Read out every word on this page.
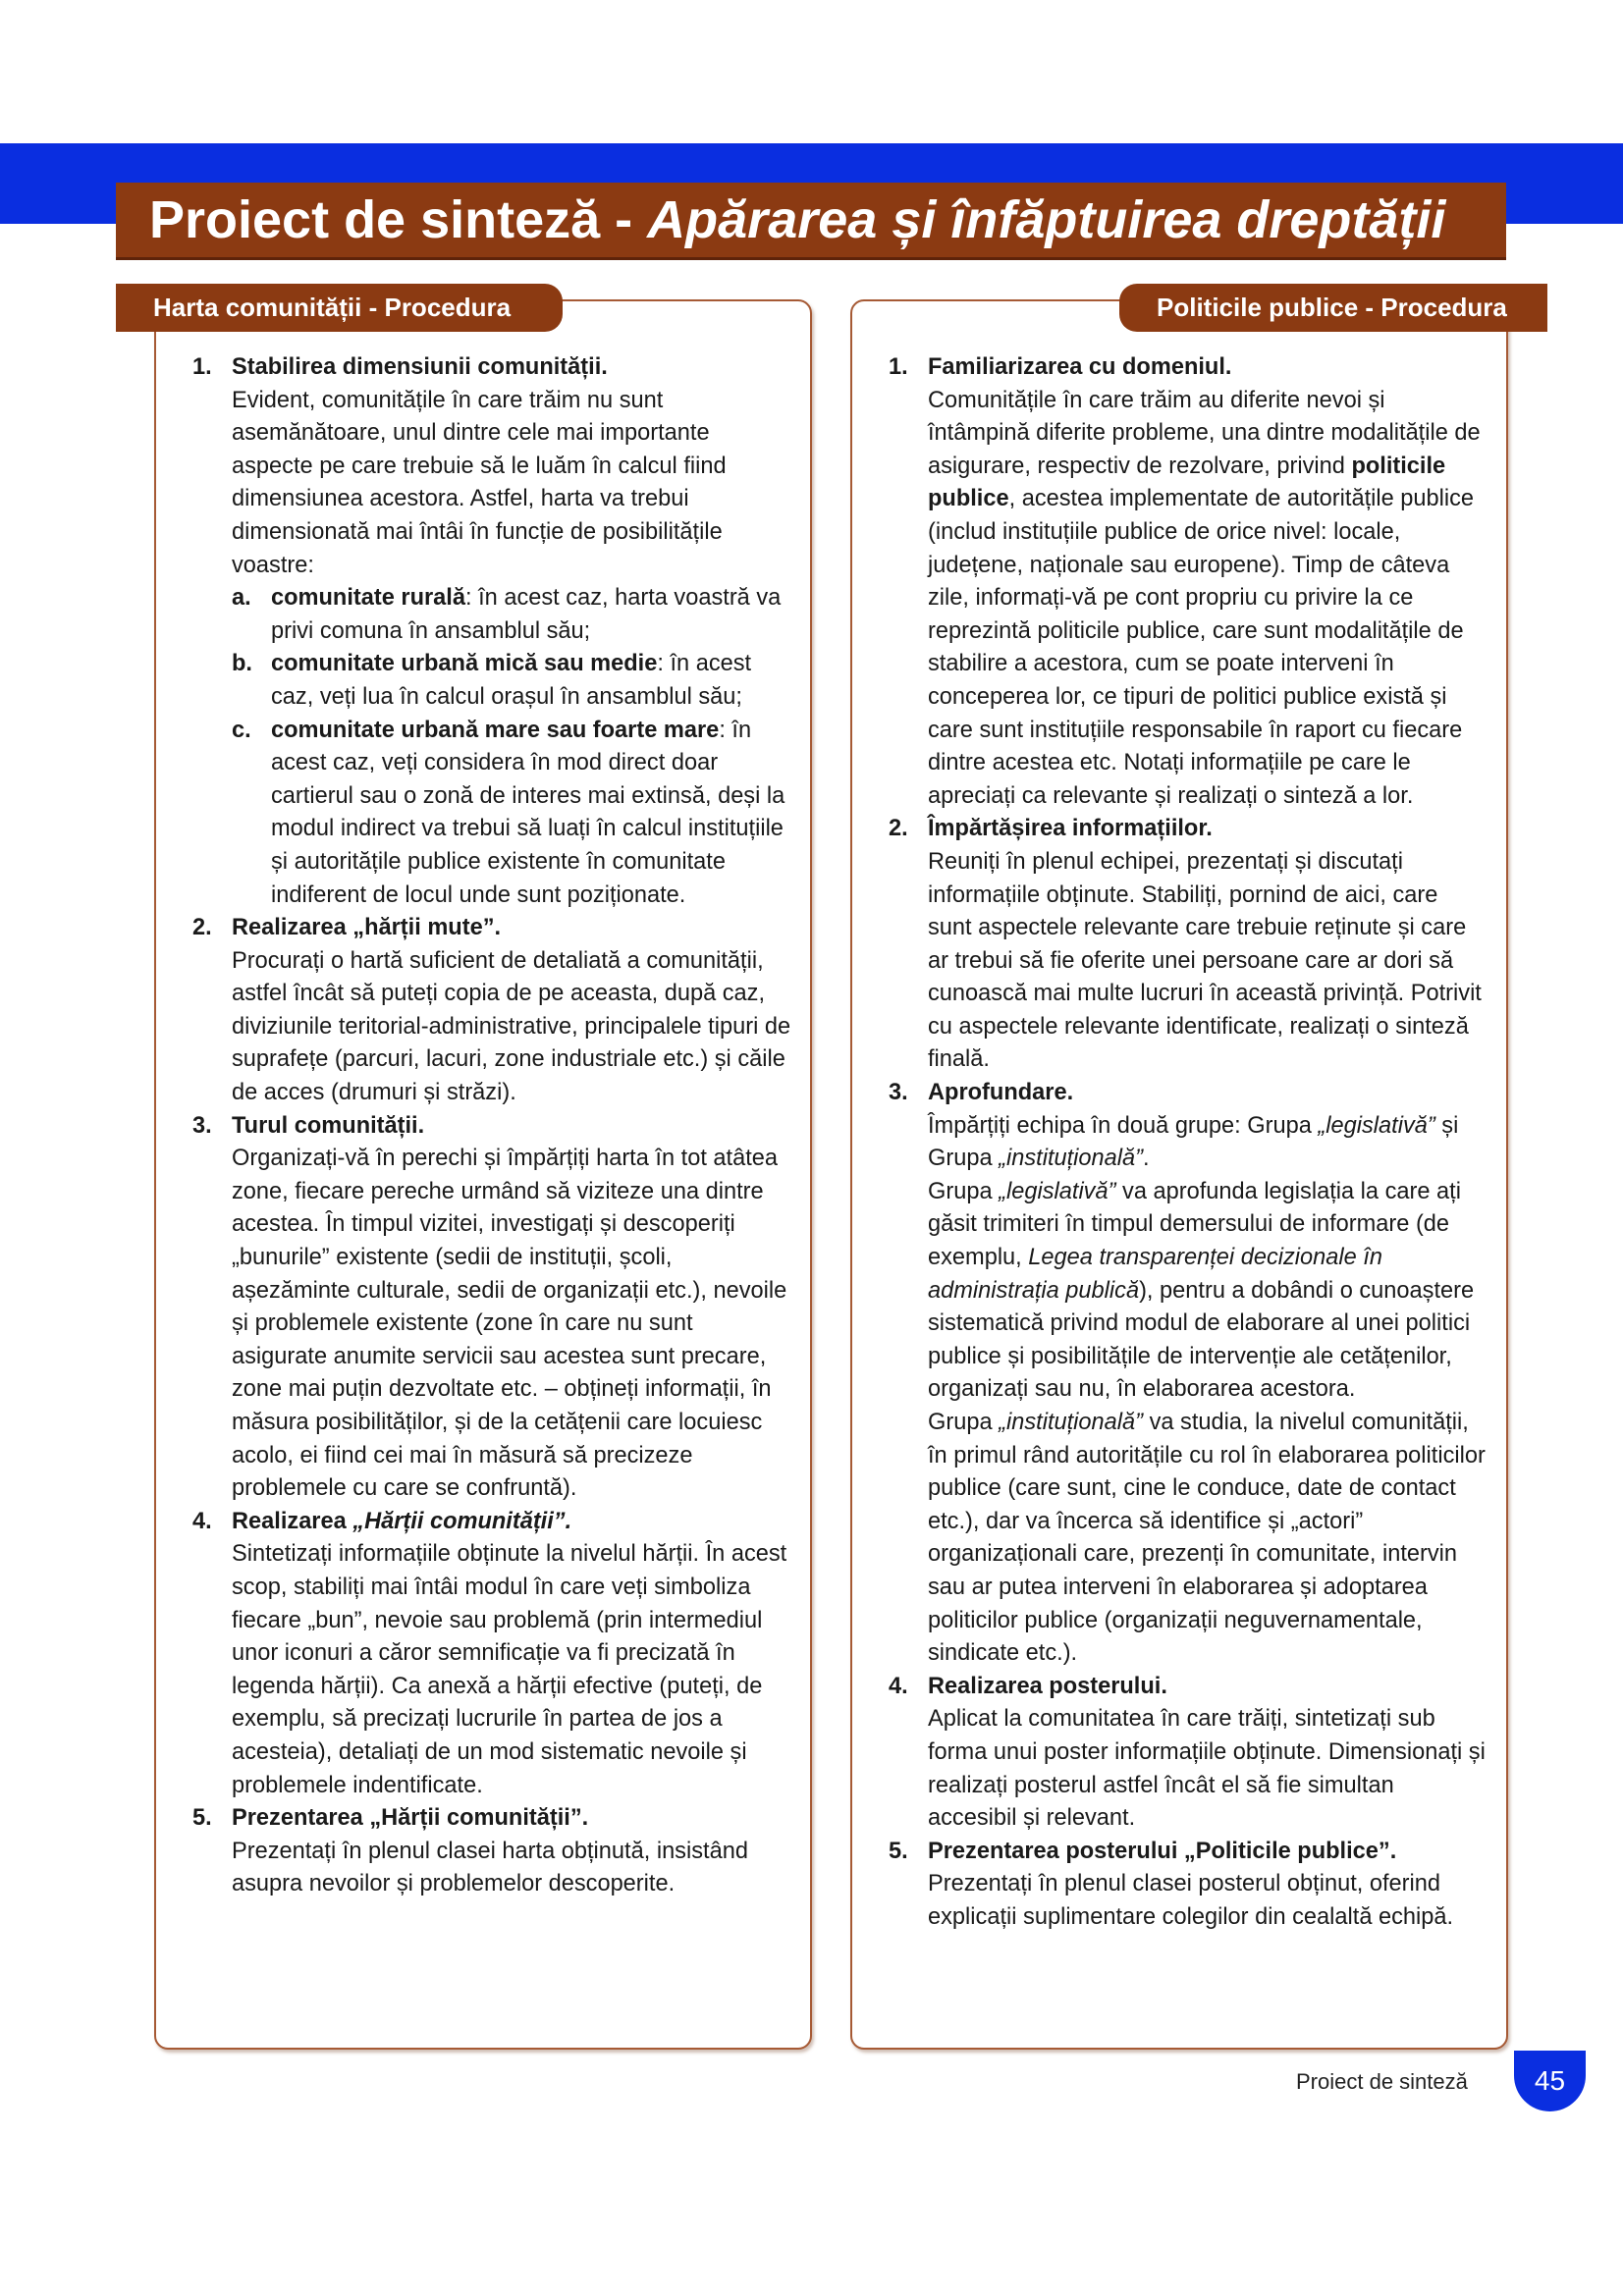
Proiect de sinteză -
Apărarea și înfăptuirea dreptății
Harta comunității - Procedura
1. Stabilirea dimensiunii comunității.
Evident, comunitățile în care trăim nu sunt asemănătoare, unul dintre cele mai importante aspecte pe care trebuie să le luăm în calcul fiind dimensiunea acestora. Astfel, harta va trebui dimensionată mai întâi în funcție de posibilitățile voastre:
a. comunitate rurală: în acest caz, harta voastră va privi comuna în ansamblul său;
b. comunitate urbană mică sau medie: în acest caz, veți lua în calcul orașul în ansamblul său;
c. comunitate urbană mare sau foarte mare: în acest caz, veți considera în mod direct doar cartierul sau o zonă de interes mai extinsă, deși la modul indirect va trebui să luați în calcul instituțiile și autoritățile publice existente în comunitate indiferent de locul unde sunt poziționate.
2. Realizarea „hărții mute”.
Procurați o hartă suficient de detaliată a comunității, astfel încât să puteți copia de pe aceasta, după caz, diviziunile teritorial-administrative, principalele tipuri de suprafețe (parcuri, lacuri, zone industriale etc.) și căile de acces (drumuri și străzi).
3. Turul comunității.
Organizați-vă în perechi și împărțiți harta în tot atâtea zone, fiecare pereche urmând să viziteze una dintre acestea. În timpul vizitei, investigați și descoperiți „bunurile” existente (sedii de instituții, școli, așezăminte culturale, sedii de organizații etc.), nevoile și problemele existente (zone în care nu sunt asigurate anumite servicii sau acestea sunt precare, zone mai puțin dezvoltate etc. – obțineți informații, în măsura posibilităților, și de la cetățenii care locuiesc acolo, ei fiind cei mai în măsură să precizeze problemele cu care se confruntă).
4. Realizarea „Hărții comunității”.
Sintetizați informațiile obținute la nivelul hărții. În acest scop, stabiliți mai întâi modul în care veți simboliza fiecare „bun”, nevoie sau problemă (prin intermediul unor iconuri a căror semnificație va fi precizată în legenda hărții). Ca anexă a hărții efective (puteți, de exemplu, să precizați lucrurile în partea de jos a acesteia), detaliați de un mod sistematic nevoile și problemele indentificate.
5. Prezentarea „Hărții comunității”.
Prezentați în plenul clasei harta obținută, insistând asupra nevoilor și problemelor descoperite.
Politicile publice - Procedura
1. Familiarizarea cu domeniul.
Comunitățile în care trăim au diferite nevoi și întâmpină diferite probleme, una dintre modalitățile de asigurare, respectiv de rezolvare, privind politicile publice, acestea implementate de autoritățile publice (includ instituțiile publice de orice nivel: locale, județene, naționale sau europene). Timp de câteva zile, informați-vă pe cont propriu cu privire la ce reprezintă politicile publice, care sunt modalitățile de stabilire a acestora, cum se poate interveni în conceperea lor, ce tipuri de politici publice există și care sunt instituțiile responsabile în raport cu fiecare dintre acestea etc. Notați informațiile pe care le apreciați ca relevante și realizați o sinteză a lor.
2. Împărtășirea informațiilor.
Reuniți în plenul echipei, prezentați și discutați informațiile obținute. Stabiliți, pornind de aici, care sunt aspectele relevante care trebuie reținute și care ar trebui să fie oferite unei persoane care ar dori să cunoască mai multe lucruri în această privință. Potrivit cu aspectele relevante identificate, realizați o sinteză finală.
3. Aprofundare.
Împărțiți echipa în două grupe: Grupa „legislativă” și Grupa „instituțională”.
Grupa „legislativă” va aprofunda legislația la care ați găsit trimiteri în timpul demersului de informare (de exemplu, Legea transparenței decizionale în administrația publică), pentru a dobândi o cunoaștere sistematică privind modul de elaborare al unei politici publice și posibilitățile de intervenție ale cetățenilor, organizați sau nu, în elaborarea acestora.
Grupa „instituțională” va studia, la nivelul comunității, în primul rând autoritățile cu rol în elaborarea politicilor publice (care sunt, cine le conduce, date de contact etc.), dar va încerca să identifice și „actori” organizaționali care, prezenți în comunitate, intervin sau ar putea interveni în elaborarea și adoptarea politicilor publice (organizații neguvernamentale, sindicate etc.).
4. Realizarea posterului.
Aplicat la comunitatea în care trăiți, sintetizați sub forma unui poster informațiile obținute. Dimensionați și realizați posterul astfel încât el să fie simultan accesibil și relevant.
5. Prezentarea posterului „Politicile publice”.
Prezentați în plenul clasei posterul obținut, oferind explicații suplimentare colegilor din cealaltă echipă.
Proiect de sinteză	45
